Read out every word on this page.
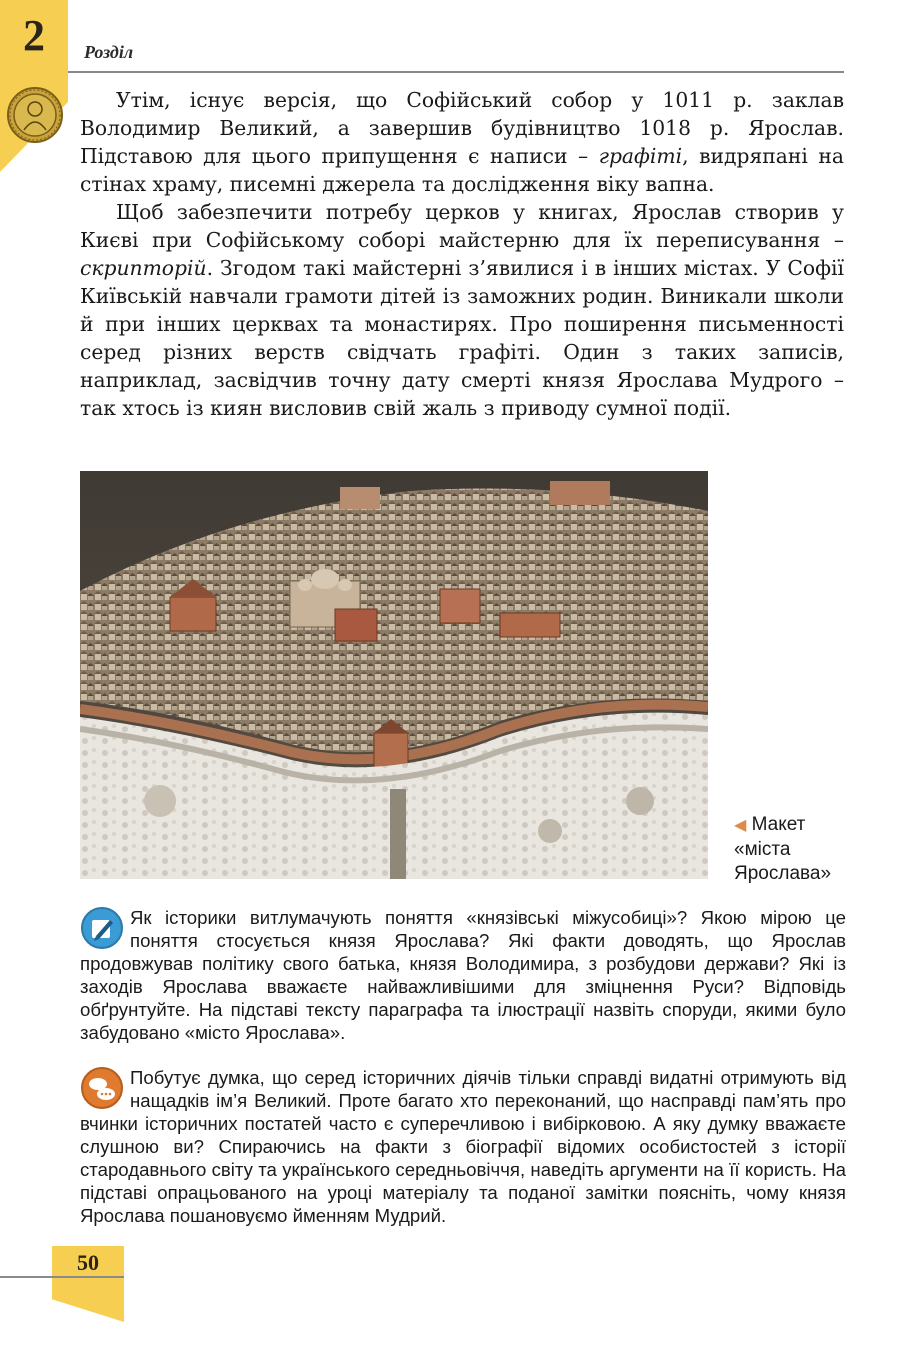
2	Розділ

Утім, існує версія, що Софійський собор у 1011 р. заклав Володимир Великий, а завершив будівництво 1018 р. Ярослав. Підставою для цього припущення є написи – графіті, видряпані на стінах храму, писемні джерела та дослідження віку вапна.

Щоб забезпечити потребу церков у книгах, Ярослав створив у Києві при Софійському соборі майстерню для їх переписування – скрипторій. Згодом такі майстерні з’явилися і в інших містах. У Софії Київській навчали грамоти дітей із заможних родин. Виникали школи й при інших церквах та монастирях. Про поширення письменності серед різних верств свідчать графіті. Один з таких записів, наприклад, засвідчив точну дату смерті князя Ярослава Мудрого – так хтось із киян висловив свій жаль з приводу сумної події.

◀ Макет «міста Ярослава»
Як історики витлумачують поняття «князівські міжусобиці»? Якою мірою це поняття стосується князя Ярослава? Які факти доводять, що Ярослав продовжував політику свого батька, князя Володимира, з розбудови держави? Які із заходів Ярослава вважаєте найважливішими для зміцнення Руси? Відповідь обґрунтуйте. На підставі тексту параграфа та ілюстрації назвіть споруди, якими було забудовано «місто Ярослава».
Побутує думка, що серед історичних діячів тільки справді видатні отримують від нащадків ім’я Великий. Проте багато хто переконаний, що насправді пам’ять про вчинки історичних постатей часто є суперечливою і вибірковою. А яку думку вважаєте слушною ви? Спираючись на факти з біографії відомих особистостей з історії стародавнього світу та українського середньовіччя, наведіть аргументи на її користь. На підставі опрацьованого на уроці матеріалу та поданої замітки поясніть, чому князя Ярослава пошановуємо йменням Мудрий.
50
